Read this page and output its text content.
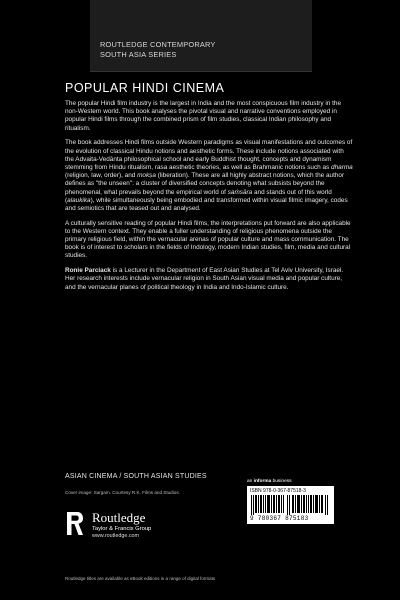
ROUTLEDGE CONTEMPORARY
SOUTH ASIA SERIES
POPULAR HINDI CINEMA

The popular Hindi film industry is the largest in India and the most conspicuous film industry in the non-Western world. This book analyses the pivotal visual and narrative conventions employed in popular Hindi films through the combined prism of film studies, classical Indian philosophy and ritualism.

The book addresses Hindi films outside Western paradigms as visual manifestations and outcomes of the evolution of classical Hindu notions and aesthetic forms. These include notions associated with the Advaita-Vedānta philosophical school and early Buddhist thought, concepts and dynamism stemming from Hindu ritualism, rasa aesthetic theories, as well as Brahmanic notions such as dharma (religion, law, order), and mokṣa (liberation). These are all highly abstract notions, which the author defines as "the unseen": a cluster of diversified concepts denoting what subsists beyond the phenomenal, what prevails beyond the empirical world of saṁsāra and stands out of this world (alaukika), while simultaneously being embodied and transformed within visual filmic imagery, codes and semiotics that are teased out and analysed.

A culturally sensitive reading of popular Hindi films, the interpretations put forward are also applicable to the Western context. They enable a fuller understanding of religious phenomena outside the primary religious field, within the vernacular arenas of popular culture and mass communication. The book is of interest to scholars in the fields of Indology, modern Indian studies, film, media and cultural studies.

Ronie Parciack is a Lecturer in the Department of East Asian Studies at Tel Aviv University, Israel. Her research interests include vernacular religion in South Asian visual media and popular culture, and the vernacular planes of political theology in India and Indo-Islamic culture.

ASIAN CINEMA / SOUTH ASIAN STUDIES
Cover image: Sargam. Courtesy R.K. Films and Studios.
an informa business
ISBN 978-0-367-87518-3
9 780367 875183
Routledge
Taylor & Francis Group
www.routledge.com
Routledge titles are available as eBook editions in a range of digital formats
